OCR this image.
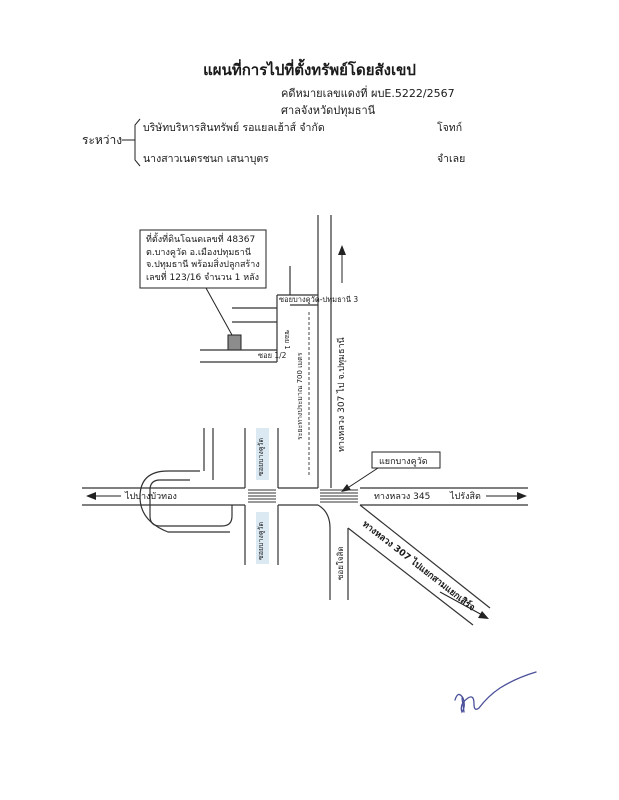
แผนที่การไปที่ตั้งทรัพย์โดยสังเขป
คดีหมายเลขแดงที่ ผบE.5222/2567
ศาลจังหวัดปทุมธานี
ระหว่าง
บริษัทบริหารสินทรัพย์ รอแยลเฮ้าส์ จำกัด	โจทก์
นางสาวเนตรชนก เสนาบุตร	จำเลย
ซอยบางคูวัด-ปทุมธานี 3
ซอย 1
ซอย 1/2 ระยะทางประมาณ 700 เมตร	ทางหลวง 307 ไป จ.ปทุมธานี
ซอยบางคูวัด
ซอยบางคูวัด
แยกบางคูวัด
ไปบางบัวทอง	ทางหลวง 345 ไปรังสิต
ซอยใจสิด ทางหลวง 307 ไปแยกสามแยกเสิร์จ
ที่ตั้งที่ดินโฉนดเลขที่ 48367
ต.บางคูวัด อ.เมืองปทุมธานี
จ.ปทุมธานี พร้อมสิ่งปลูกสร้าง
เลขที่ 123/16 จำนวน 1 หลัง
